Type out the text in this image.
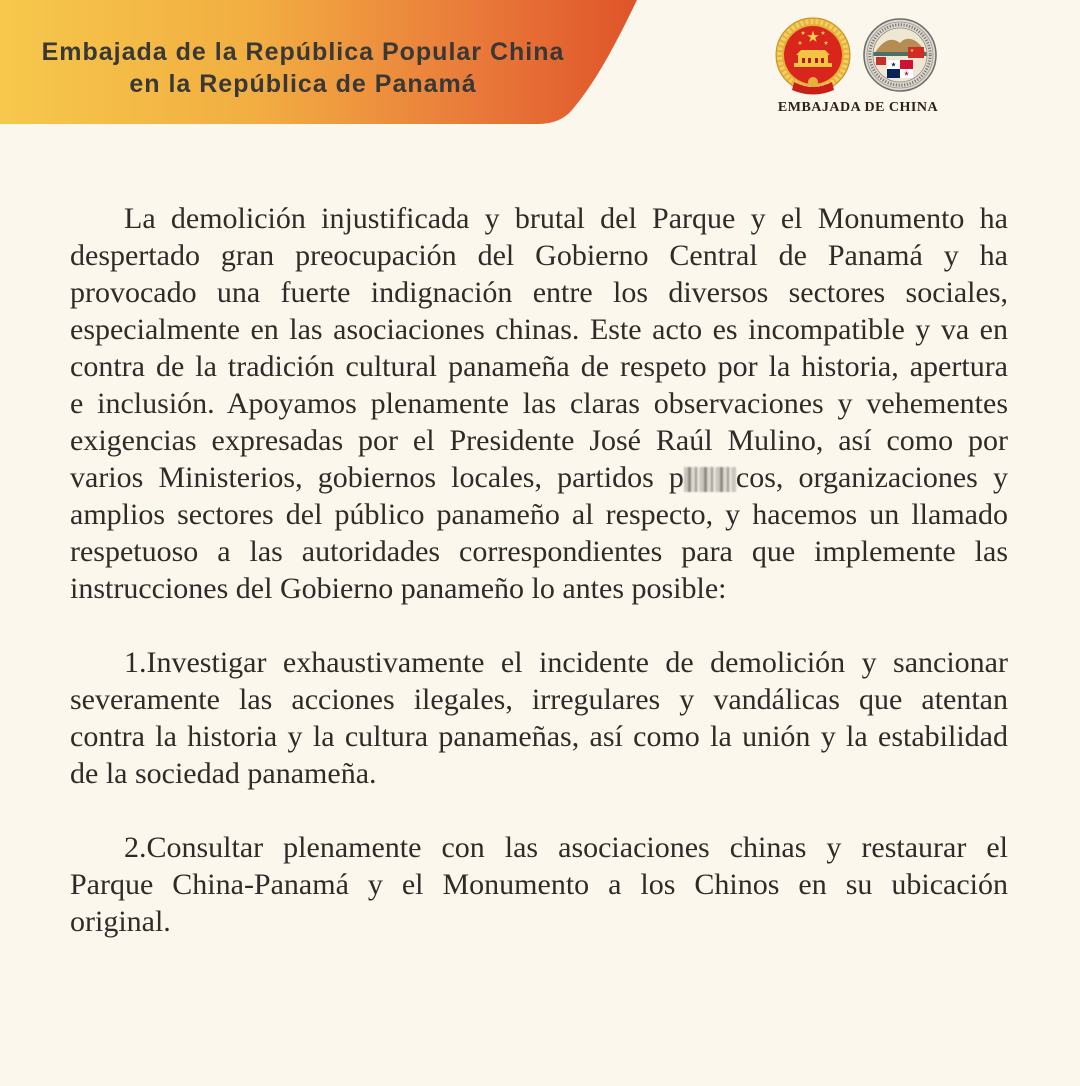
Embajada de la República Popular China
en la República de Panamá
EMBAJADA DE CHINA
La demolición injustificada y brutal del Parque y el Monumento ha
despertado gran preocupación del Gobierno Central de Panamá y ha
provocado una fuerte indignación entre los diversos sectores sociales,
especialmente en las asociaciones chinas. Este acto es incompatible y va en
contra de la tradición cultural panameña de respeto por la historia, apertura
e inclusión. Apoyamos plenamente las claras observaciones y vehementes
exigencias expresadas por el Presidente José Raúl Mulino, así como por
varios Ministerios, gobiernos locales, partidos p cos, organizaciones y
amplios sectores del público panameño al respecto, y hacemos un llamado
respetuoso a las autoridades correspondientes para que implemente las
instrucciones del Gobierno panameño lo antes posible:
1.Investigar exhaustivamente el incidente de demolición y sancionar
severamente las acciones ilegales, irregulares y vandálicas que atentan
contra la historia y la cultura panameñas, así como la unión y la estabilidad
de la sociedad panameña.
2.Consultar plenamente con las asociaciones chinas y restaurar el
Parque China-Panamá y el Monumento a los Chinos en su ubicación
original.
